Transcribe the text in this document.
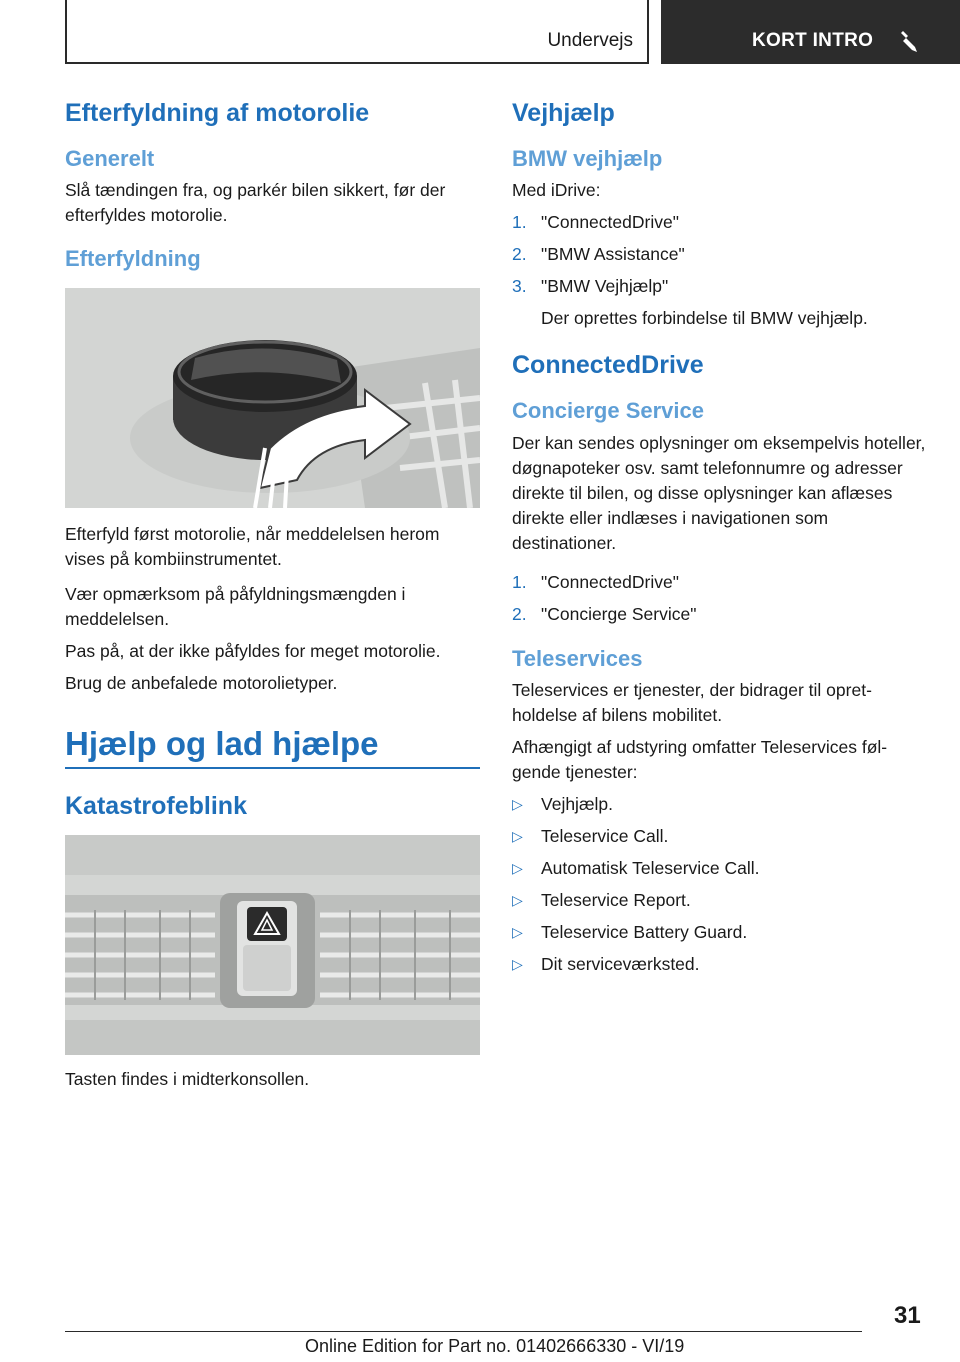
Undervejs	KORT INTRO
Efterfyldning af motorolie
Generelt

Slå tændingen fra, og parkér bilen sikkert, før der efterfyldes motorolie.

Efterfyldning

Efterfyld først motorolie, når meddelelsen herom vises på kombiinstrumentet.

Vær opmærksom på påfyldningsmængden i meddelelsen.

Pas på, at der ikke påfyldes for meget motorolie.

Brug de anbefalede motorolietyper.

Hjælp og lad hjælpe
Katastrofeblink

Tasten findes i midterkonsollen.

Vejhjælp
BMW vejhjælp

Med iDrive:

1. "ConnectedDrive"
2. "BMW Assistance"
3. "BMW Vejhjælp"
Der oprettes forbindelse til BMW vejhjælp.
ConnectedDrive
Concierge Service

Der kan sendes oplysninger om eksempelvis hoteller, døgnapoteker osv. samt telefonnumre og adresser direkte til bilen, og disse oplysninger kan aflæses direkte eller indlæses i navigationen som destinationer.

1. "ConnectedDrive"
2. "Concierge Service"
Teleservices

Teleservices er tjenester, der bidrager til opretholdelse af bilens mobilitet.

Afhængigt af udstyring omfatter Teleservices følgende tjenester:

▷ Vejhjælp.
▷ Teleservice Call.
▷ Automatisk Teleservice Call.
▷ Teleservice Report.
▷ Teleservice Battery Guard.
▷ Dit serviceværksted.
31
Online Edition for Part no. 01402666330 - VI/19
